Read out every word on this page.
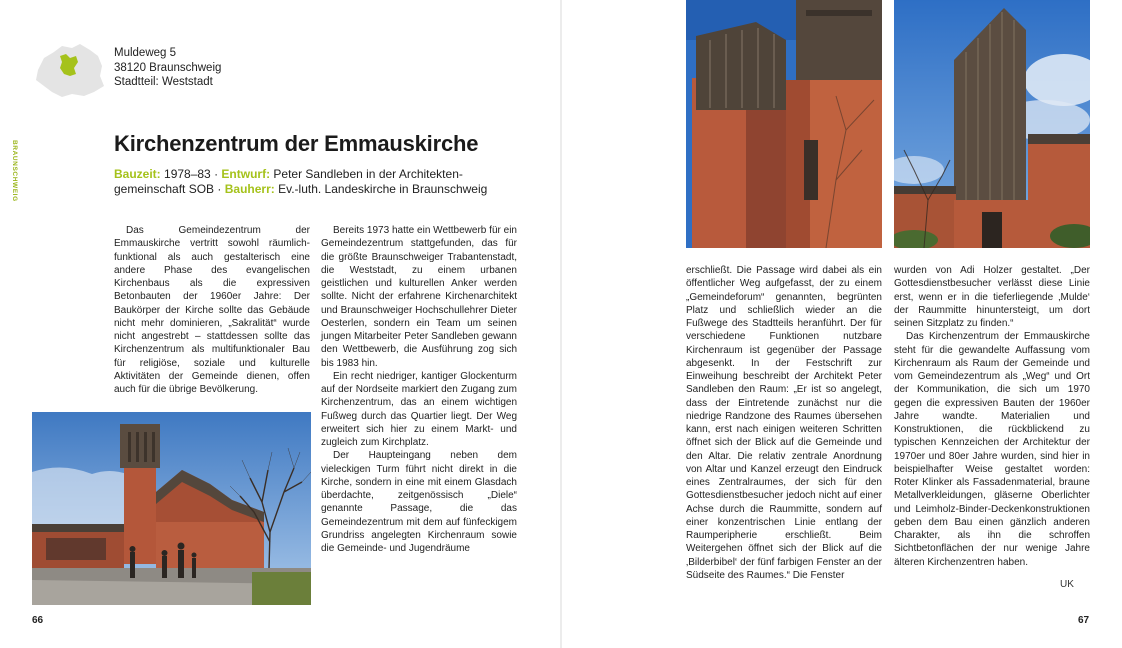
Muldeweg 5
38120 Braunschweig
Stadtteil: Weststadt
BRAUNSCHWEIG	Kirchenzentrum der Emmauskirche
Bauzeit: 1978–83 · Entwurf: Peter Sandleben in der Architekten-gemeinschaft SOB · Bauherr: Ev.-luth. Landeskirche in Braunschweig

Das Gemeindezentrum der Emmauskirche vertritt sowohl räumlich-funktional als auch gestalterisch eine andere Phase des evangelischen Kirchenbaus als die expressiven Betonbauten der 1960er Jahre: Der Baukörper der Kirche sollte das Gebäude nicht mehr dominieren, „Sakralität“ wurde nicht angestrebt – stattdessen sollte das Kirchenzentrum als multifunktionaler Bau für religiöse, soziale und kulturelle Aktivitäten der Gemeinde dienen, offen auch für die übrige Bevölkerung.

Bereits 1973 hatte ein Wettbewerb für ein Gemeindezentrum stattgefunden, das für die größte Braunschweiger Trabantenstadt, die Weststadt, zu einem urbanen geistlichen und kulturellen Anker werden sollte. Nicht der erfahrene Kirchenarchitekt und Braunschweiger Hochschullehrer Dieter Oesterlen, sondern ein Team um seinen jungen Mitarbeiter Peter Sandleben gewann den Wettbewerb, die Ausführung zog sich bis 1983 hin.

Ein recht niedriger, kantiger Glockenturm auf der Nordseite markiert den Zugang zum Kirchenzentrum, das an einem wichtigen Fußweg durch das Quartier liegt. Der Weg erweitert sich hier zu einem Markt- und zugleich zum Kirchplatz.

Der Haupteingang neben dem vieleckigen Turm führt nicht direkt in die Kirche, sondern in eine mit einem Glasdach überdachte, zeitgenössisch „Diele“ genannte Passage, die das Gemeindezentrum mit dem auf fünfeckigem Grundriss angelegten Kirchenraum sowie die Gemeinde- und Jugendräume

erschließt. Die Passage wird dabei als ein öffentlicher Weg aufgefasst, der zu einem „Gemeindeforum“ genannten, begrünten Platz und schließlich wieder an die Fußwege des Stadtteils heranführt. Der für verschiedene Funktionen nutzbare Kirchenraum ist gegenüber der Passage abgesenkt. In der Festschrift zur Einweihung beschreibt der Architekt Peter Sandleben den Raum: „Er ist so angelegt, dass der Eintretende zunächst nur die niedrige Randzone des Raumes übersehen kann, erst nach einigen weiteren Schritten öffnet sich der Blick auf die Gemeinde und den Altar. Die relativ zentrale Anordnung von Altar und Kanzel erzeugt den Eindruck eines Zentralraumes, der sich für den Gottesdienstbesucher jedoch nicht auf einer Achse durch die Raummitte, sondern auf einer konzentrischen Linie entlang der Raumperipherie erschließt. Beim Weitergehen öffnet sich der Blick auf die ‚Bilderbibel‘ der fünf farbigen Fenster an der Südseite des Raumes.“ Die Fenster

wurden von Adi Holzer gestaltet. „Der Gottesdienstbesucher verlässt diese Linie erst, wenn er in die tieferliegende ‚Mulde‘ der Raummitte hinuntersteigt, um dort seinen Sitzplatz zu finden.“

Das Kirchenzentrum der Emmauskirche steht für die gewandelte Auffassung vom Kirchenraum als Raum der Gemeinde und vom Gemeindezentrum als „Weg“ und Ort der Kommunikation, die sich um 1970 gegen die expressiven Bauten der 1960er Jahre wandte. Materialien und Konstruktionen, die rückblickend zu typischen Kennzeichen der Architektur der 1970er und 80er Jahre wurden, sind hier in beispielhafter Weise gestaltet worden: Roter Klinker als Fassadenmaterial, braune Metallverkleidungen, gläserne Oberlichter und Leimholz-Binder-Deckenkonstruktionen geben dem Bau einen gänzlich anderen Charakter, als ihn die schroffen Sichtbetonflächen der nur wenige Jahre älteren Kirchenzentren haben.

UK
66	67
